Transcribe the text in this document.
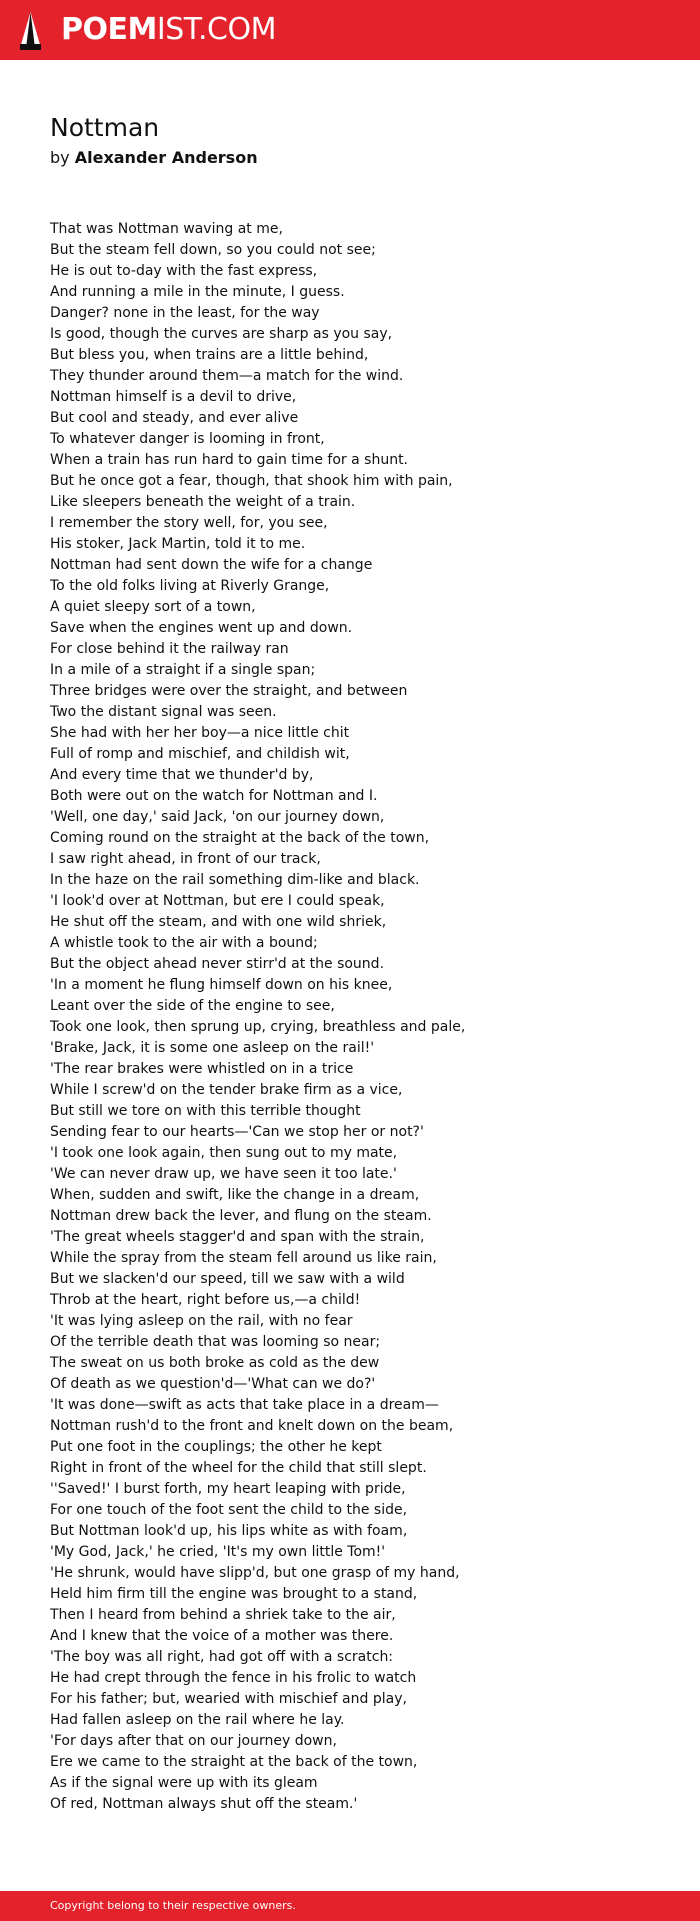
POEMIST.COM
Nottman

by Alexander Anderson

That was Nottman waving at me,
But the steam fell down, so you could not see;
He is out to-day with the fast express,
And running a mile in the minute, I guess.
Danger? none in the least, for the way
Is good, though the curves are sharp as you say,
But bless you, when trains are a little behind,
They thunder around them—a match for the wind.
Nottman himself is a devil to drive,
But cool and steady, and ever alive
To whatever danger is looming in front,
When a train has run hard to gain time for a shunt.
But he once got a fear, though, that shook him with pain,
Like sleepers beneath the weight of a train.
I remember the story well, for, you see,
His stoker, Jack Martin, told it to me.
Nottman had sent down the wife for a change
To the old folks living at Riverly Grange,
A quiet sleepy sort of a town,
Save when the engines went up and down.
For close behind it the railway ran
In a mile of a straight if a single span;
Three bridges were over the straight, and between
Two the distant signal was seen.
She had with her her boy—a nice little chit
Full of romp and mischief, and childish wit,
And every time that we thunder'd by,
Both were out on the watch for Nottman and I.
'Well, one day,' said Jack, 'on our journey down,
Coming round on the straight at the back of the town,
I saw right ahead, in front of our track,
In the haze on the rail something dim-like and black.
'I look'd over at Nottman, but ere I could speak,
He shut off the steam, and with one wild shriek,
A whistle took to the air with a bound;
But the object ahead never stirr'd at the sound.
'In a moment he flung himself down on his knee,
Leant over the side of the engine to see,
Took one look, then sprung up, crying, breathless and pale,
'Brake, Jack, it is some one asleep on the rail!'
'The rear brakes were whistled on in a trice
While I screw'd on the tender brake firm as a vice,
But still we tore on with this terrible thought
Sending fear to our hearts—'Can we stop her or not?'
'I took one look again, then sung out to my mate,
'We can never draw up, we have seen it too late.'
When, sudden and swift, like the change in a dream,
Nottman drew back the lever, and flung on the steam.
'The great wheels stagger'd and span with the strain,
While the spray from the steam fell around us like rain,
But we slacken'd our speed, till we saw with a wild
Throb at the heart, right before us,—a child!
'It was lying asleep on the rail, with no fear
Of the terrible death that was looming so near;
The sweat on us both broke as cold as the dew
Of death as we question'd—'What can we do?'
'It was done—swift as acts that take place in a dream—
Nottman rush'd to the front and knelt down on the beam,
Put one foot in the couplings; the other he kept
Right in front of the wheel for the child that still slept.
''Saved!' I burst forth, my heart leaping with pride,
For one touch of the foot sent the child to the side,
But Nottman look'd up, his lips white as with foam,
'My God, Jack,' he cried, 'It's my own little Tom!'
'He shrunk, would have slipp'd, but one grasp of my hand,
Held him firm till the engine was brought to a stand,
Then I heard from behind a shriek take to the air,
And I knew that the voice of a mother was there.
'The boy was all right, had got off with a scratch:
He had crept through the fence in his frolic to watch
For his father; but, wearied with mischief and play,
Had fallen asleep on the rail where he lay.
'For days after that on our journey down,
Ere we came to the straight at the back of the town,
As if the signal were up with its gleam
Of red, Nottman always shut off the steam.'
Copyright belong to their respective owners.
